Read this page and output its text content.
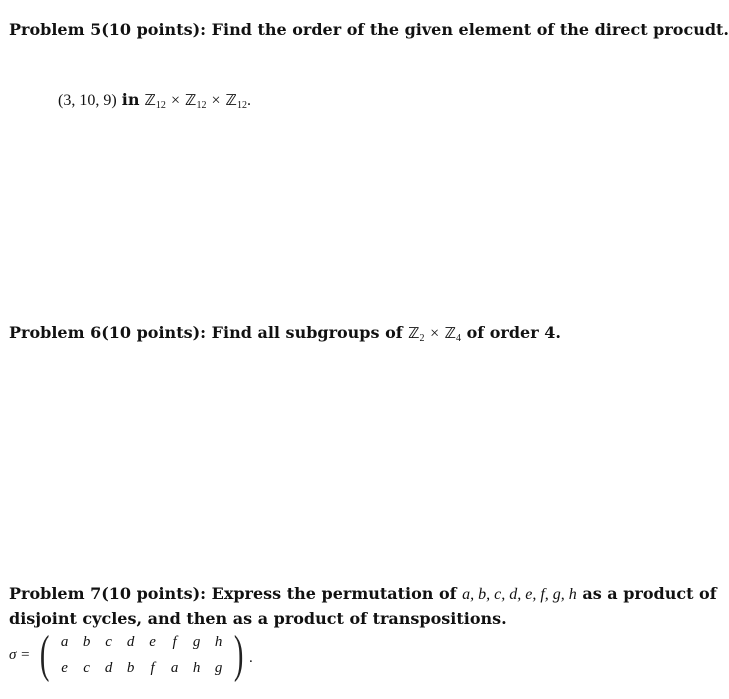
Problem 5(10 points): Find the order of the given element of the direct procudt.
(3, 10, 9) in ℤ$_{12}$ × ℤ$_{12}$ × ℤ$_{12}$.
Problem 6(10 points): Find all subgroups of ℤ$_2$ × ℤ$_4$ of order 4.
Problem 7(10 points): Express the permutation of a, b, c, d, e, f, g, h as a product of
disjoint cycles, and then as a product of transpositions.
σ = ( a b c d e f g h
e c d b f a h g ) .
